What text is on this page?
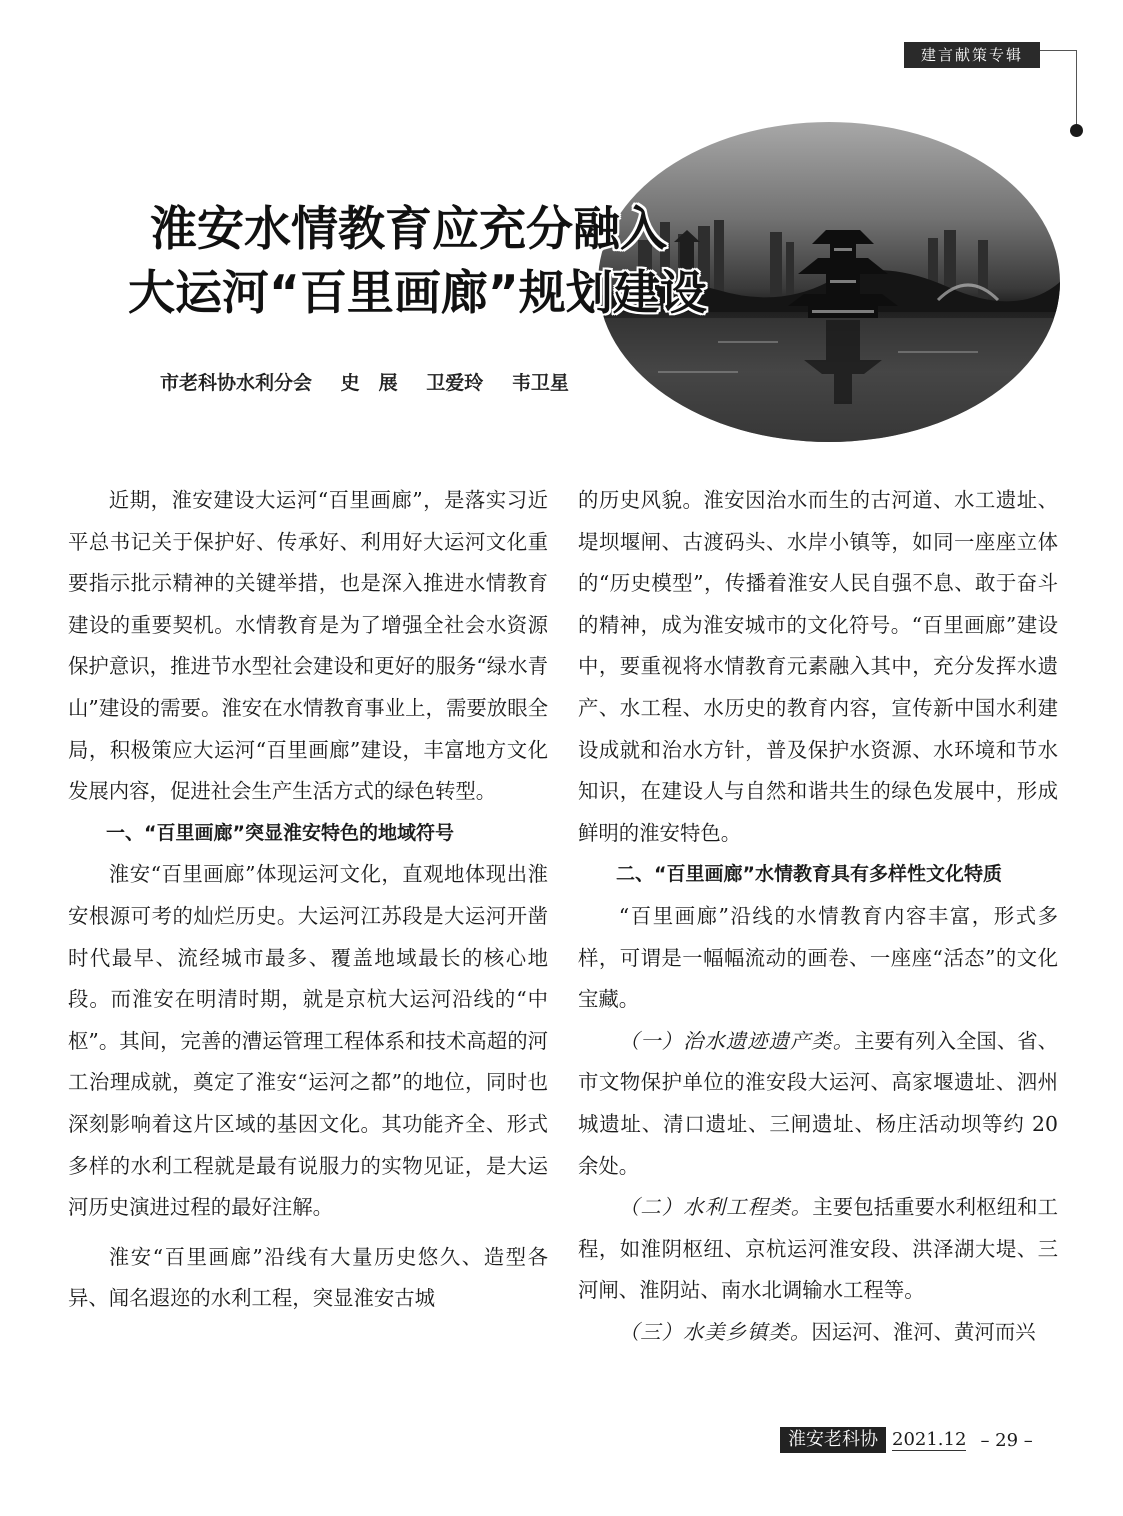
建言献策专辑
淮安水情教育应充分融入
大运河“百里画廊”规划建设
市老科协水利分会 史　展 卫爱玲 韦卫星

近期，淮安建设大运河“百里画廊”，是落实习近平总书记关于保护好、传承好、利用好大运河文化重要指示批示精神的关键举措，也是深入推进水情教育建设的重要契机。水情教育是为了增强全社会水资源保护意识，推进节水型社会建设和更好的服务“绿水青山”建设的需要。淮安在水情教育事业上，需要放眼全局，积极策应大运河“百里画廊”建设，丰富地方文化发展内容，促进社会生产生活方式的绿色转型。

一、“百里画廊”突显淮安特色的地域符号

淮安“百里画廊”体现运河文化，直观地体现出淮安根源可考的灿烂历史。大运河江苏段是大运河开凿时代最早、流经城市最多、覆盖地域最长的核心地段。而淮安在明清时期，就是京杭大运河沿线的“中枢”。其间，完善的漕运管理工程体系和技术高超的河工治理成就，奠定了淮安“运河之都”的地位，同时也深刻影响着这片区域的基因文化。其功能齐全、形式多样的水利工程就是最有说服力的实物见证，是大运河历史演进过程的最好注解。

淮安“百里画廊”沿线有大量历史悠久、造型各异、闻名遐迩的水利工程，突显淮安古城

的历史风貌。淮安因治水而生的古河道、水工遗址、堤坝堰闸、古渡码头、水岸小镇等，如同一座座立体的“历史模型”，传播着淮安人民自强不息、敢于奋斗的精神，成为淮安城市的文化符号。“百里画廊”建设中，要重视将水情教育元素融入其中，充分发挥水遗产、水工程、水历史的教育内容，宣传新中国水利建设成就和治水方针，普及保护水资源、水环境和节水知识，在建设人与自然和谐共生的绿色发展中，形成鲜明的淮安特色。

二、“百里画廊”水情教育具有多样性文化特质

“百里画廊”沿线的水情教育内容丰富，形式多样，可谓是一幅幅流动的画卷、一座座“活态”的文化宝藏。

（一）治水遗迹遗产类。主要有列入全国、省、市文物保护单位的淮安段大运河、高家堰遗址、泗州城遗址、清口遗址、三闸遗址、杨庄活动坝等约 20 余处。

（二）水利工程类。主要包括重要水利枢纽和工程，如淮阴枢纽、京杭运河淮安段、洪泽湖大堤、三河闸、淮阴站、南水北调输水工程等。

（三）水美乡镇类。因运河、淮河、黄河而兴

淮安老科协 2021.12 – 29 –
